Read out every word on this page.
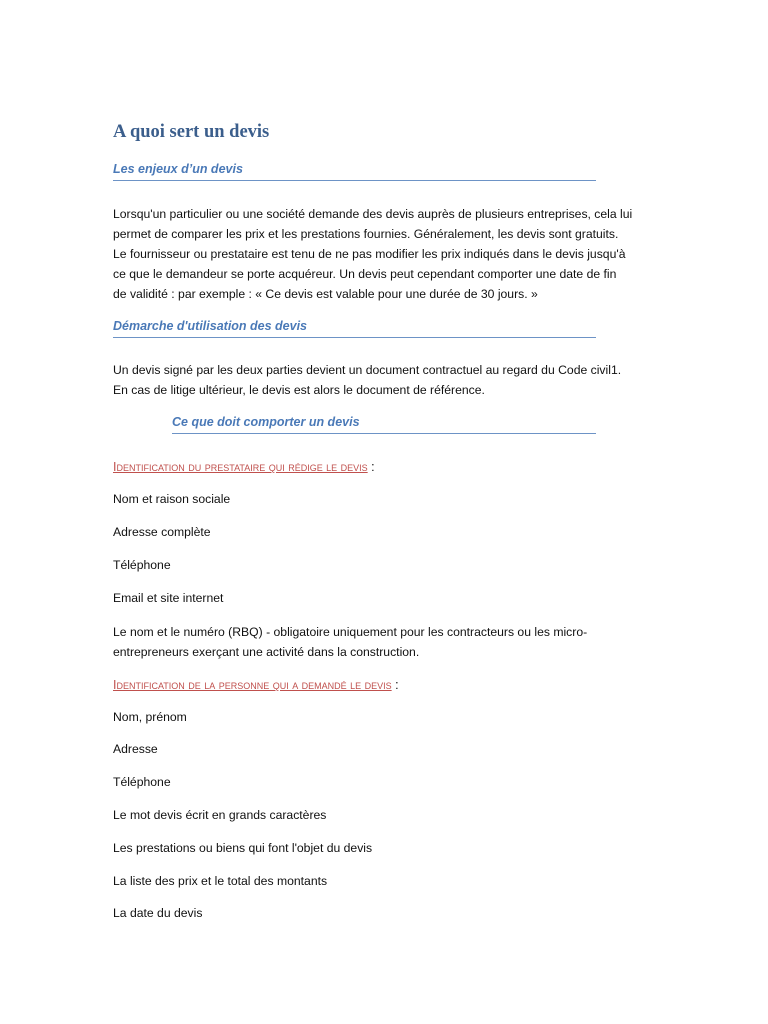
A quoi sert un devis
Les enjeux d’un devis

Lorsqu'un particulier ou une société demande des devis auprès de plusieurs entreprises, cela lui
permet de comparer les prix et les prestations fournies. Généralement, les devis sont gratuits.
Le fournisseur ou prestataire est tenu de ne pas modifier les prix indiqués dans le devis jusqu'à
ce que le demandeur se porte acquéreur. Un devis peut cependant comporter une date de fin
de validité : par exemple : « Ce devis est valable pour une durée de 30 jours. »

Démarche d'utilisation des devis

Un devis signé par les deux parties devient un document contractuel au regard du Code civil1.
En cas de litige ultérieur, le devis est alors le document de référence.

Ce que doit comporter un devis

Identification du prestataire qui rédige le devis :

Nom et raison sociale

Adresse complète

Téléphone

Email et site internet

Le nom et le numéro (RBQ) - obligatoire uniquement pour les contracteurs ou les micro-
entrepreneurs exerçant une activité dans la construction.

Identification de la personne qui a demandé le devis :

Nom, prénom

Adresse

Téléphone

Le mot devis écrit en grands caractères

Les prestations ou biens qui font l'objet du devis

La liste des prix et le total des montants

La date du devis
